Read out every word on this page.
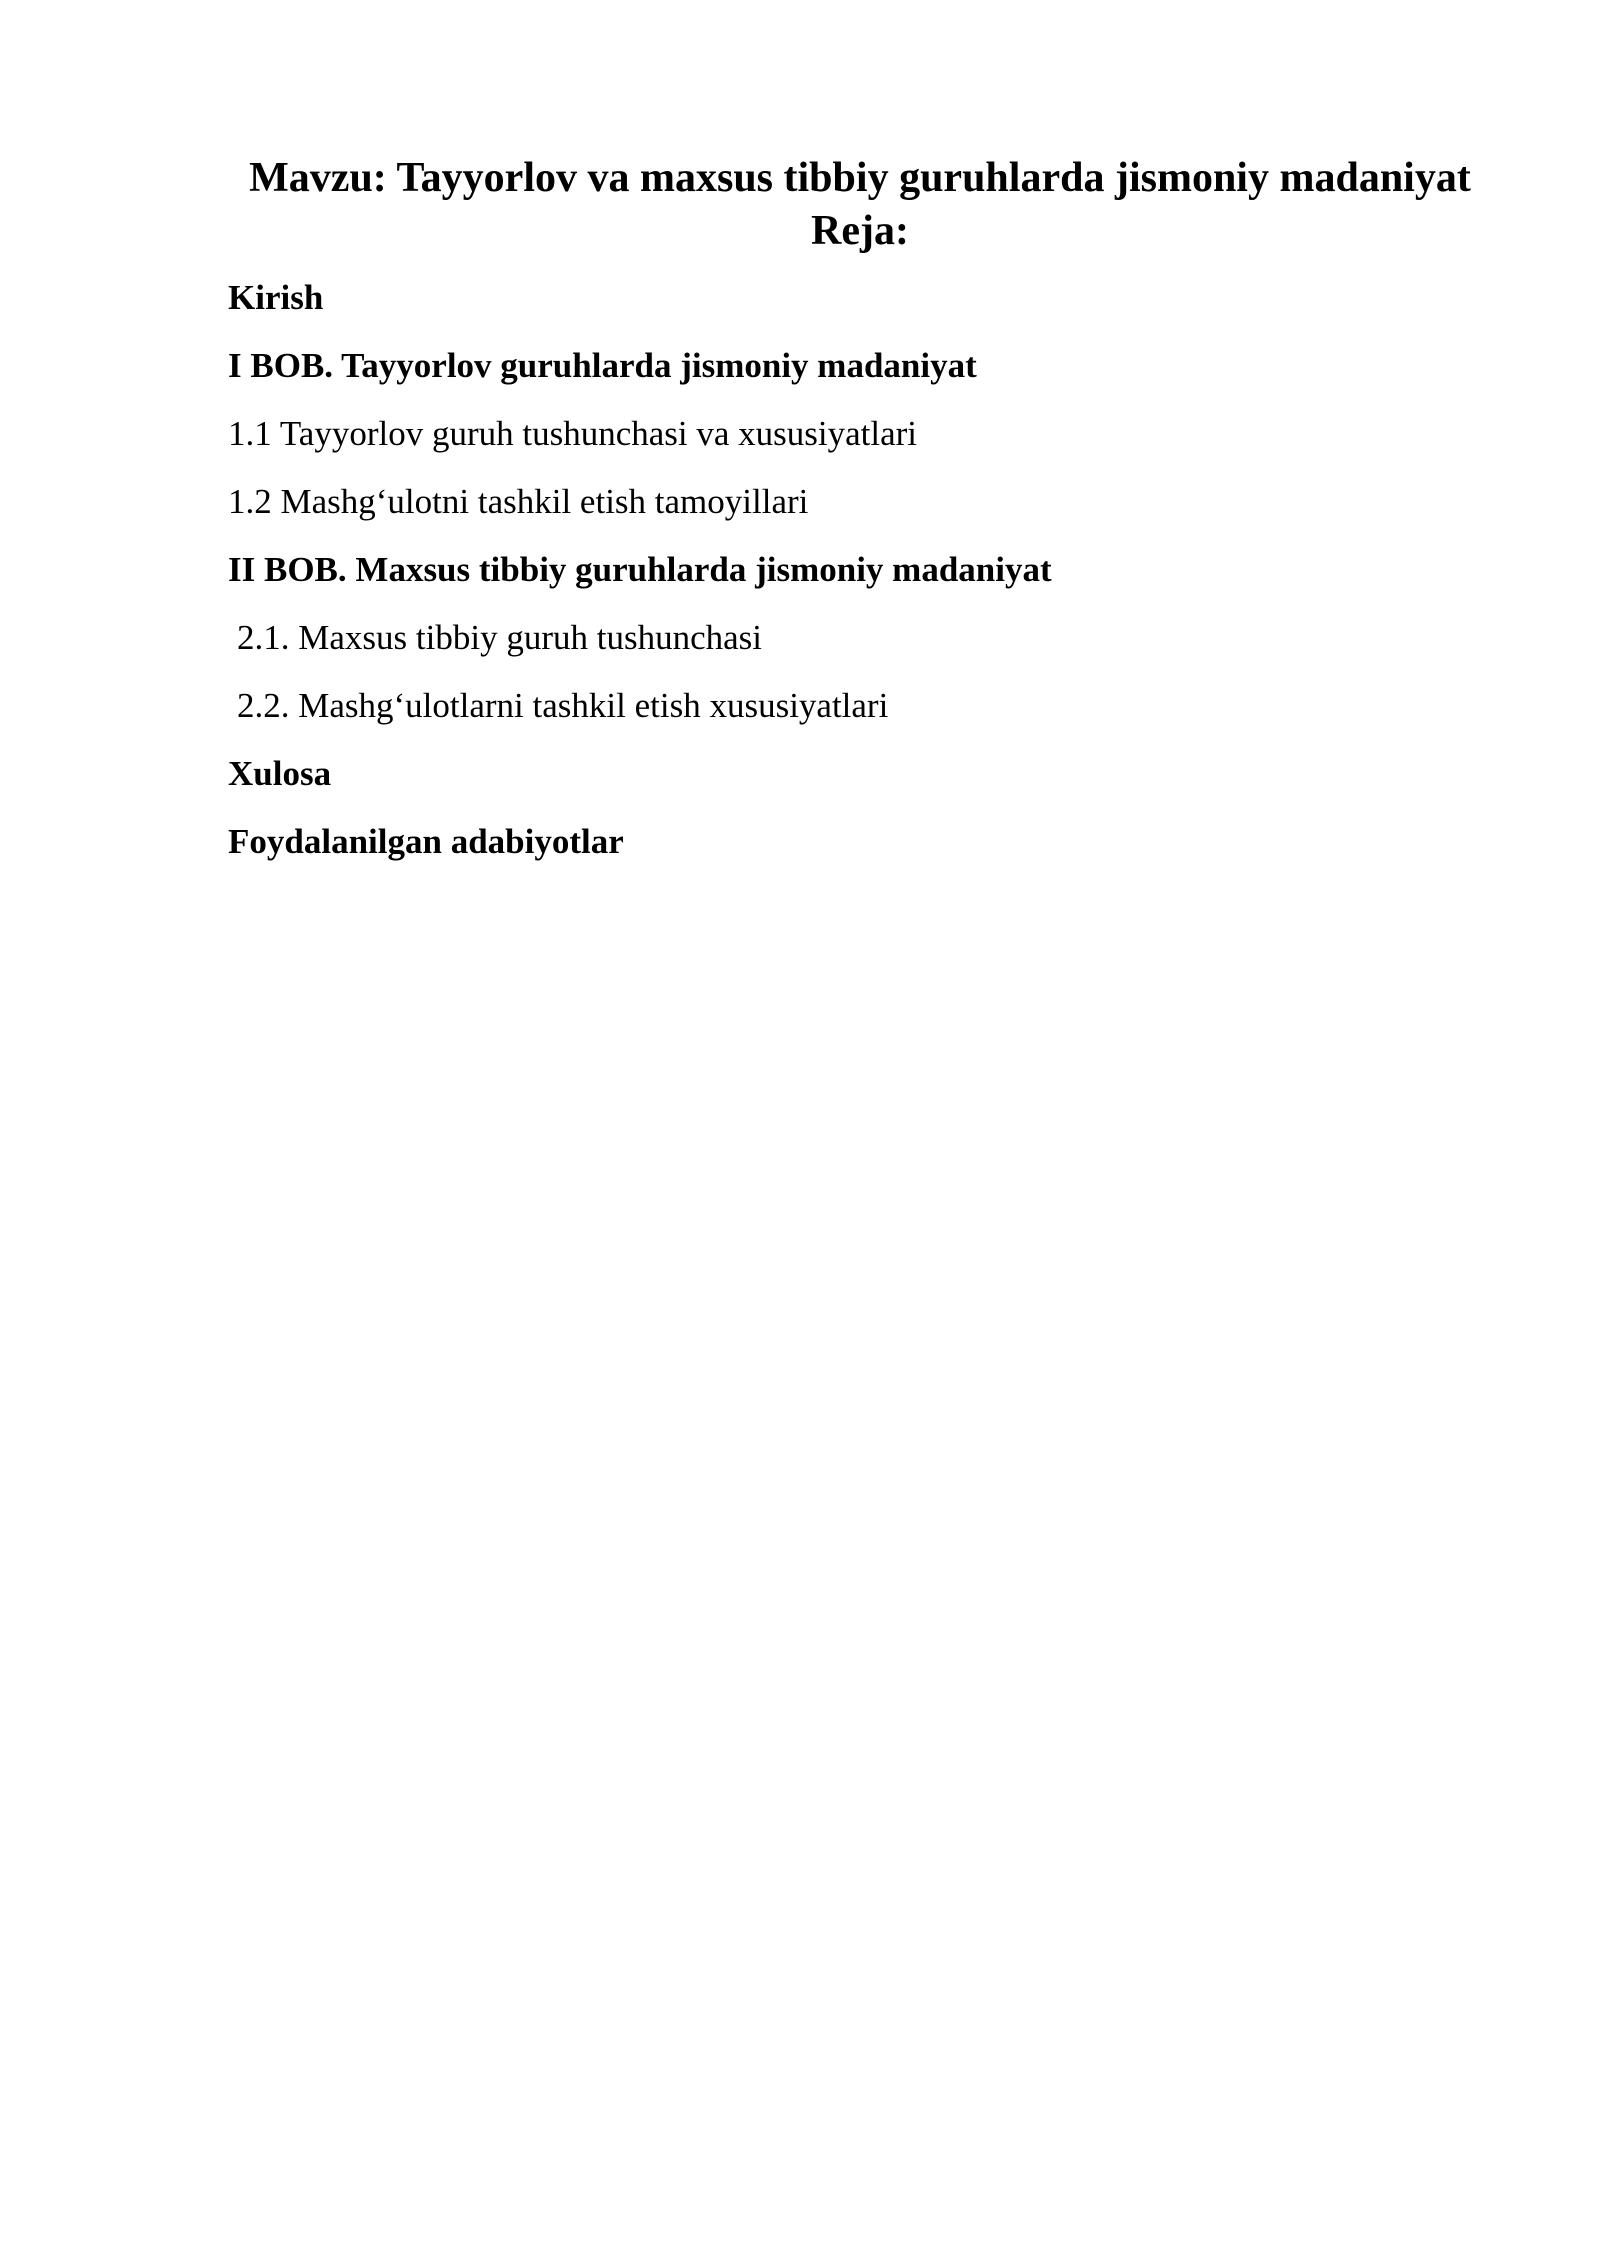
Mavzu: Tayyorlov va maxsus tibbiy guruhlarda jismoniy madaniyat
Reja:
Kirish
I BOB. Tayyorlov guruhlarda jismoniy madaniyat
1.1 Tayyorlov guruh tushunchasi va xususiyatlari
1.2 Mashg‘ulotni tashkil etish tamoyillari
II BOB. Maxsus tibbiy guruhlarda jismoniy madaniyat
2.1. Maxsus tibbiy guruh tushunchasi
2.2. Mashg‘ulotlarni tashkil etish xususiyatlari
Xulosa
Foydalanilgan adabiyotlar
